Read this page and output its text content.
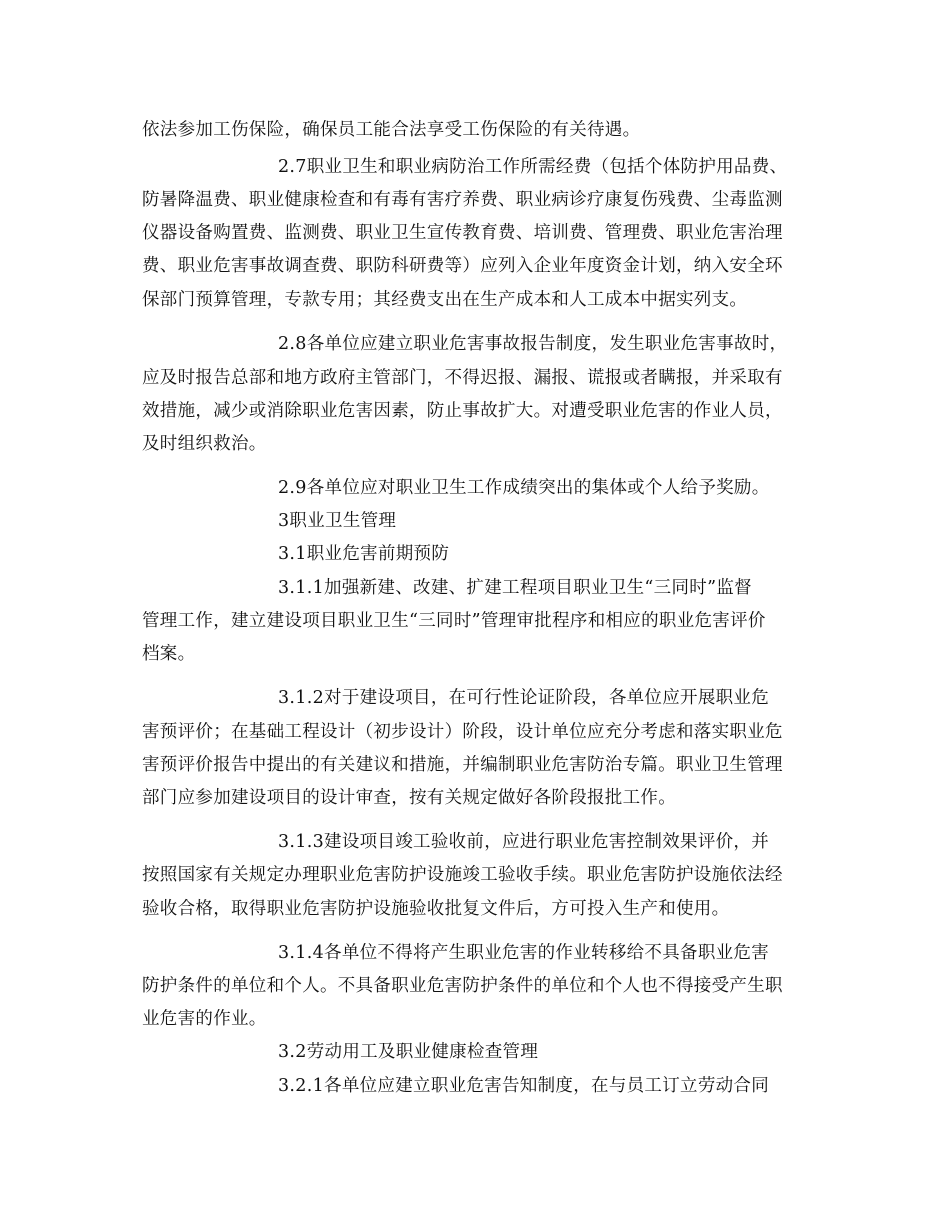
依法参加工伤保险，确保员工能合法享受工伤保险的有关待遇。
2.7职业卫生和职业病防治工作所需经费（包括个体防护用品费、
防暑降温费、职业健康检查和有毒有害疗养费、职业病诊疗康复伤残费、尘毒监测
仪器设备购置费、监测费、职业卫生宣传教育费、培训费、管理费、职业危害治理
费、职业危害事故调查费、职防科研费等）应列入企业年度资金计划，纳入安全环
保部门预算管理，专款专用；其经费支出在生产成本和人工成本中据实列支。
2.8各单位应建立职业危害事故报告制度，发生职业危害事故时，
应及时报告总部和地方政府主管部门，不得迟报、漏报、谎报或者瞒报，并采取有
效措施，减少或消除职业危害因素，防止事故扩大。对遭受职业危害的作业人员，
及时组织救治。
2.9各单位应对职业卫生工作成绩突出的集体或个人给予奖励。
3职业卫生管理
3.1职业危害前期预防
3.1.1加强新建、改建、扩建工程项目职业卫生“三同时”监督
管理工作，建立建设项目职业卫生“三同时”管理审批程序和相应的职业危害评价
档案。
3.1.2对于建设项目，在可行性论证阶段，各单位应开展职业危
害预评价；在基础工程设计（初步设计）阶段，设计单位应充分考虑和落实职业危
害预评价报告中提出的有关建议和措施，并编制职业危害防治专篇。职业卫生管理
部门应参加建设项目的设计审查，按有关规定做好各阶段报批工作。
3.1.3建设项目竣工验收前，应进行职业危害控制效果评价，并
按照国家有关规定办理职业危害防护设施竣工验收手续。职业危害防护设施依法经
验收合格，取得职业危害防护设施验收批复文件后，方可投入生产和使用。
3.1.4各单位不得将产生职业危害的作业转移给不具备职业危害
防护条件的单位和个人。不具备职业危害防护条件的单位和个人也不得接受产生职
业危害的作业。
3.2劳动用工及职业健康检查管理
3.2.1各单位应建立职业危害告知制度，在与员工订立劳动合同
